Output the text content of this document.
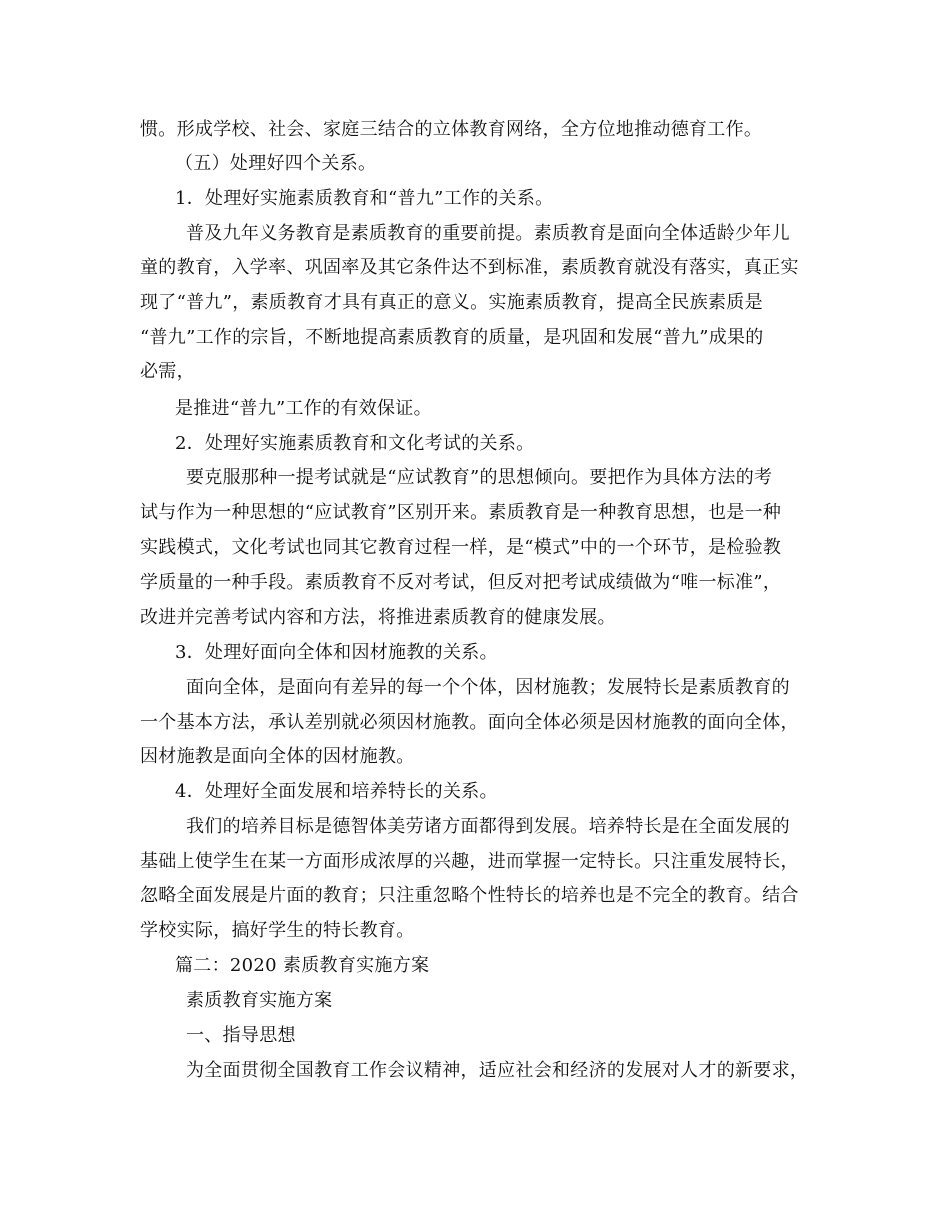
惯。形成学校、社会、家庭三结合的立体教育网络，全方位地推动德育工作。
（五）处理好四个关系。
1．处理好实施素质教育和“普九”工作的关系。
普及九年义务教育是素质教育的重要前提。素质教育是面向全体适龄少年儿
童的教育，入学率、巩固率及其它条件达不到标准，素质教育就没有落实，真正实
现了“普九”，素质教育才具有真正的意义。实施素质教育，提高全民族素质是
“普九”工作的宗旨，不断地提高素质教育的质量，是巩固和发展“普九”成果的
必需，
是推进“普九”工作的有效保证。
2．处理好实施素质教育和文化考试的关系。
要克服那种一提考试就是“应试教育”的思想倾向。要把作为具体方法的考
试与作为一种思想的“应试教育”区别开来。素质教育是一种教育思想，也是一种
实践模式，文化考试也同其它教育过程一样，是“模式”中的一个环节，是检验教
学质量的一种手段。素质教育不反对考试，但反对把考试成绩做为“唯一标准”，
改进并完善考试内容和方法，将推进素质教育的健康发展。
3．处理好面向全体和因材施教的关系。
面向全体，是面向有差异的每一个个体，因材施教；发展特长是素质教育的
一个基本方法，承认差别就必须因材施教。面向全体必须是因材施教的面向全体，
因材施教是面向全体的因材施教。
4．处理好全面发展和培养特长的关系。
我们的培养目标是德智体美劳诸方面都得到发展。培养特长是在全面发展的
基础上使学生在某一方面形成浓厚的兴趣，进而掌握一定特长。只注重发展特长，
忽略全面发展是片面的教育；只注重忽略个性特长的培养也是不完全的教育。结合
学校实际，搞好学生的特长教育。
篇二：2020 素质教育实施方案
素质教育实施方案
一、指导思想
为全面贯彻全国教育工作会议精神，适应社会和经济的发展对人才的新要求，
